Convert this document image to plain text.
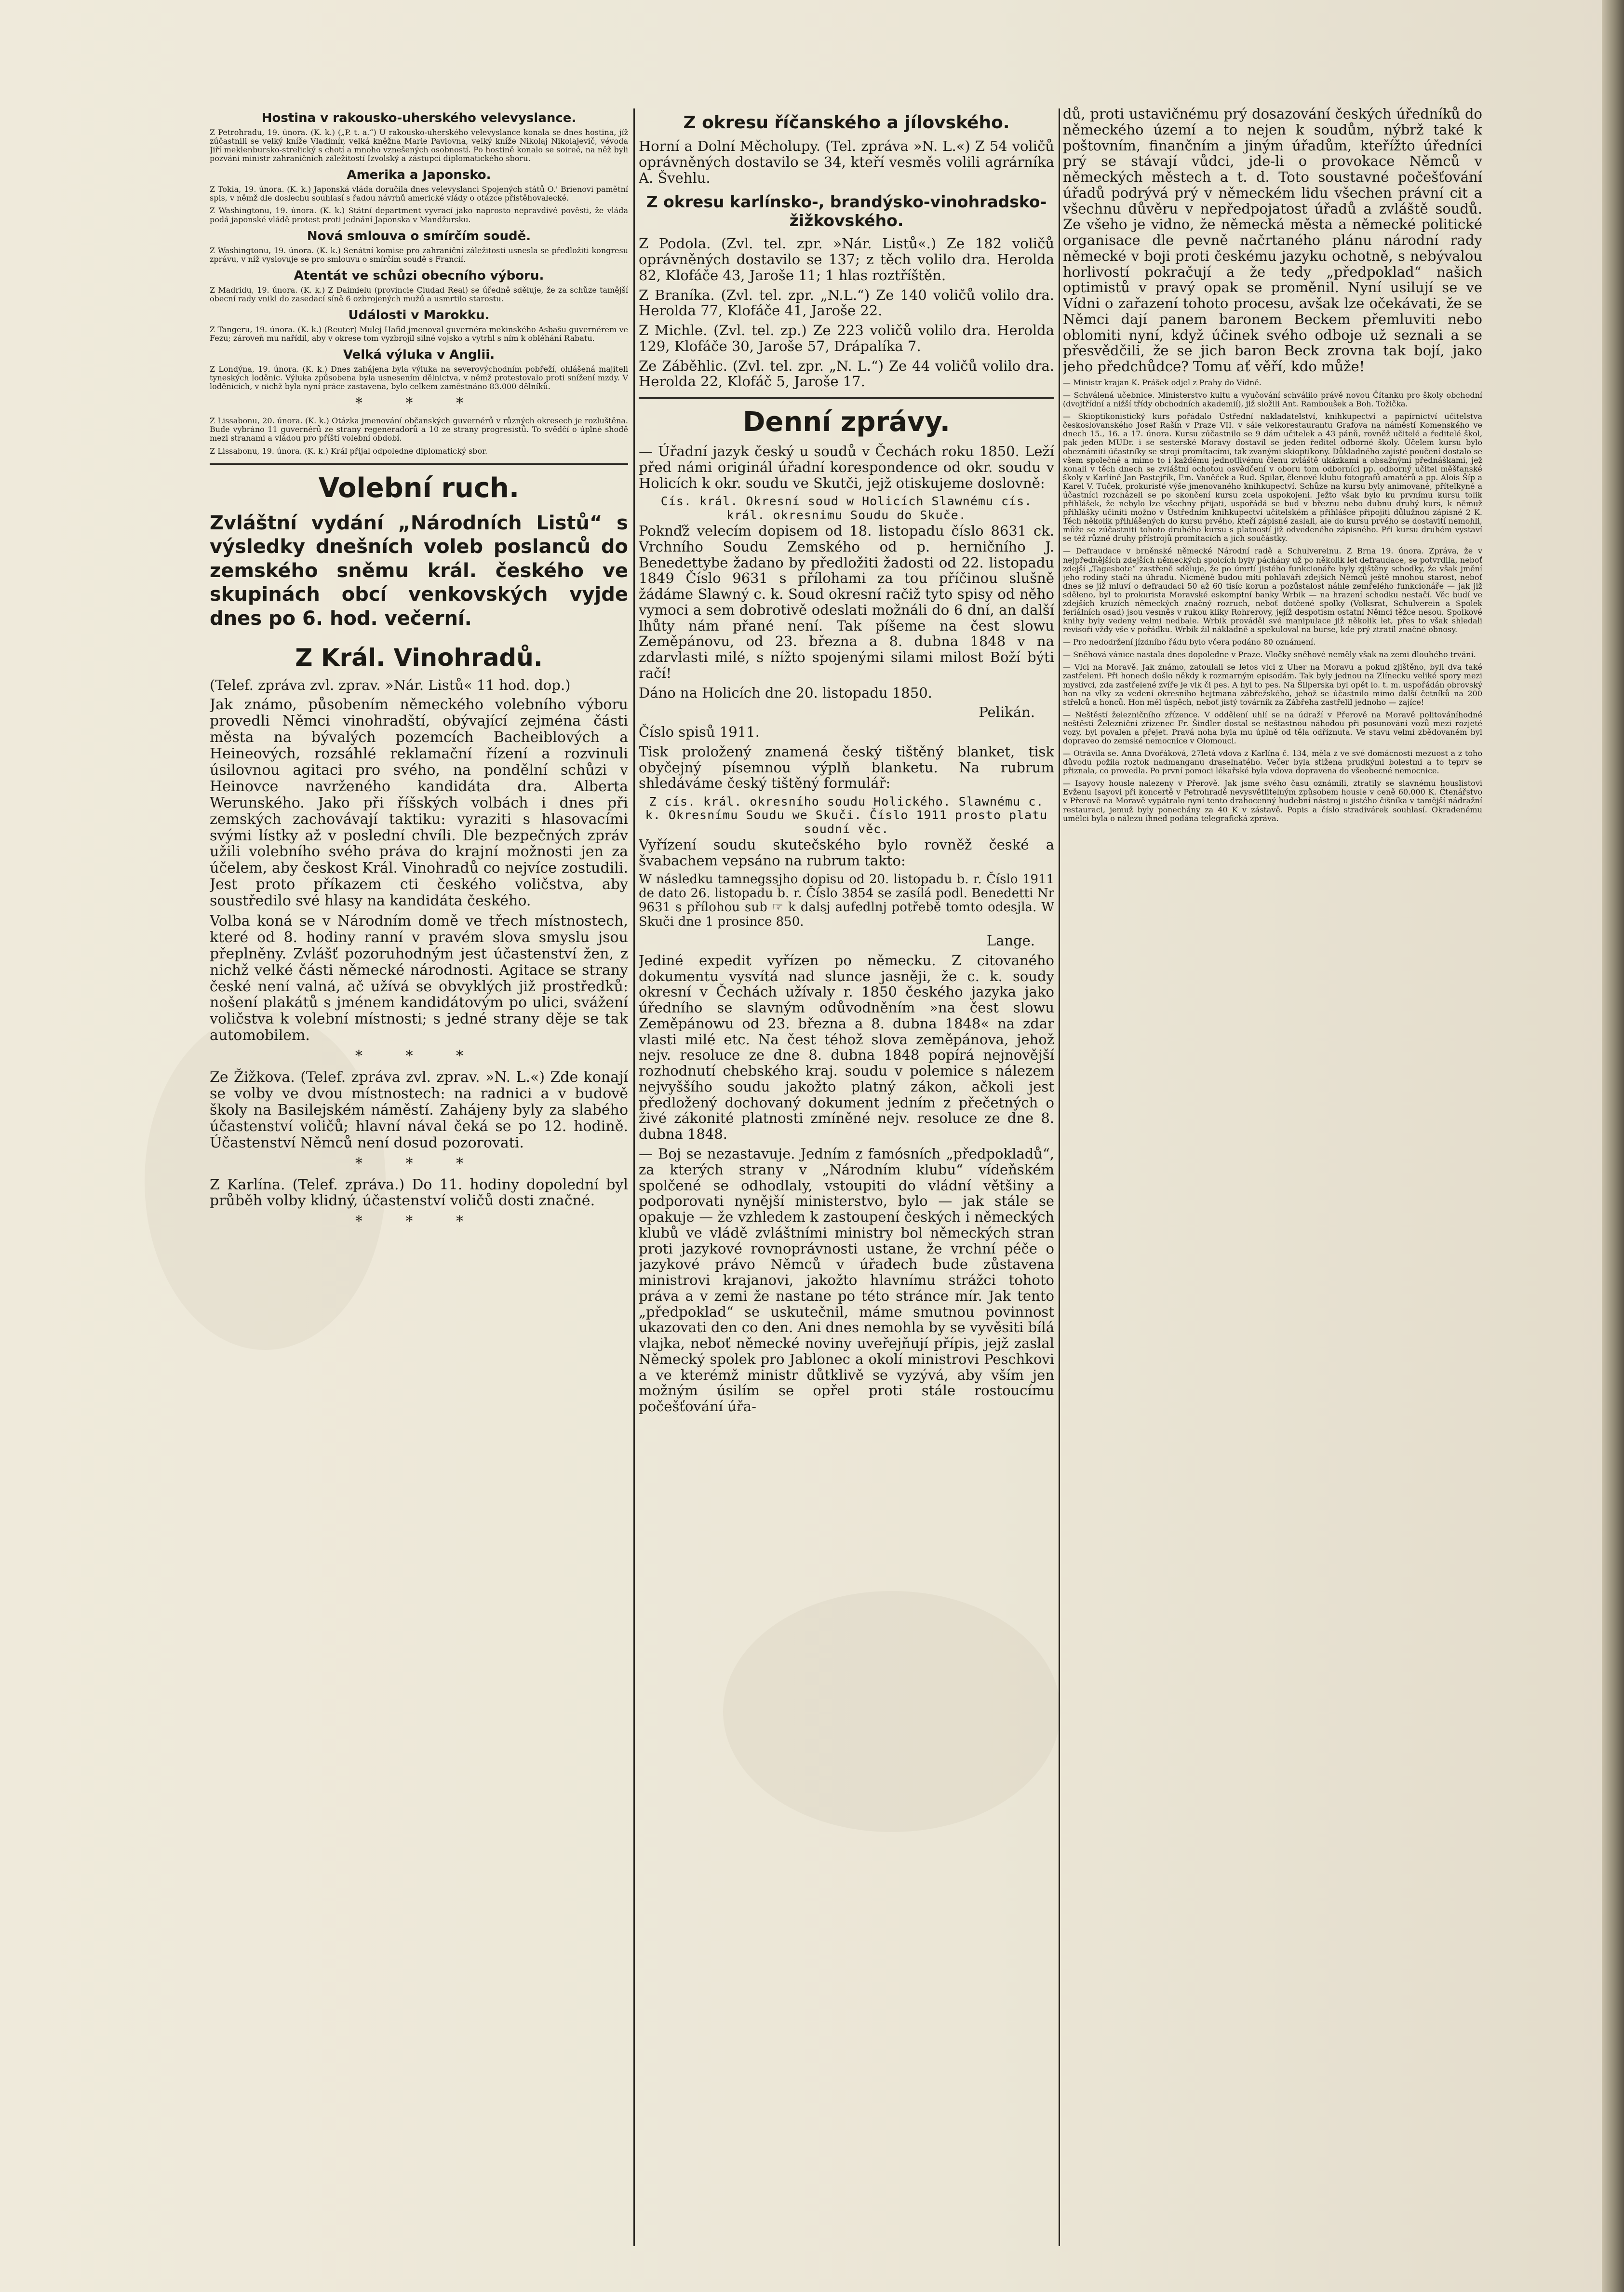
Hostina v rakousko-uherského velevyslance.

Z Petrohradu, 19. února. (K. k.) („P. t. a.“) U rakousko-uherského velevyslance konala se dnes hostina, jíž zúčastnili se velký kníže Vladimír, velká kněžna Marie Pavlovna, velký kníže Nikolaj Nikolajevič, vévoda Jiří meklenbursko-strelický s chotí a mnoho vznešených osobností. Po hostině konalo se soireé, na něž byli pozváni ministr zahraničních záležitostí Izvolský a zástupci diplomatického sboru.

Amerika a Japonsko.

Z Tokia, 19. února. (K. k.) Japonská vláda doručila dnes velevyslanci Spojených států O.' Brienovi pamětní spis, v němž dle doslechu souhlasí s řadou návrhů americké vlády o otázce přistěhovalecké.

Z Washingtonu, 19. února. (K. k.) Státní department vyvrací jako naprosto nepravdivé pověsti, že vláda podá japonské vládě protest proti jednání Japonska v Mandžursku.

Nová smlouva o smírčím soudě.

Z Washingtonu, 19. února. (K. k.) Senátní komise pro zahraniční záležitosti usnesla se předložiti kongresu zprávu, v níž vyslovuje se pro smlouvu o smírčím soudě s Francií.

Atentát ve schůzi obecního výboru.

Z Madridu, 19. února. (K. k.) Z Daimielu (provincie Ciudad Real) se úředně sděluje, že za schůze tamější obecní rady vnikl do zasedací síně 6 ozbrojených mužů a usmrtilo starostu.

Události v Marokku.

Z Tangeru, 19. února. (K. k.) (Reuter) Mulej Hafid jmenoval guvernéra mekinského Asbašu guvernérem ve Fezu; zároveň mu nařídil, aby v okrese tom vyzbrojil silné vojsko a vytrhl s ním k obléhání Rabatu.

Velká výluka v Anglii.

Z Londýna, 19. února. (K. k.) Dnes zahájena byla výluka na severovýchodním pobřeží, ohlášená majiteli tyneských loděnic. Výluka způsobena byla usnesením dělnictva, v němž protestovalo proti snížení mzdy. V loděnicích, v nichž byla nyní práce zastavena, bylo celkem zaměstnáno 83.000 dělníků.

* * *

Z Lissabonu, 20. února. (K. k.) Otázka jmenování občanských guvernérů v různých okresech je rozluštěna. Bude vybráno 11 guvernérů ze strany regeneradorů a 10 ze strany progresistů. To svědčí o úplné shodě mezi stranami a vládou pro příští volební období.

Z Lissabonu, 19. února. (K. k.) Král přijal odpoledne diplomatický sbor.

Volební ruch.
Zvláštní vydání „Národních Listů“ s výsledky dnešních voleb poslanců do zemského sněmu král. českého ve skupinách obcí venkovských vyjde dnes po 6. hod. večerní.
Z Král. Vinohradů.

(Telef. zpráva zvl. zprav. »Nár. Listů« 11 hod. dop.)

Jak známo, působením německého volebního výboru provedli Němci vinohradští, obývající zejména části města na bývalých pozemcích Bacheiblových a Heineových, rozsáhlé reklamační řízení a rozvinuli úsilovnou agitaci pro svého, na pondělní schůzi v Heinovce navrženého kandidáta dra. Alberta Werunského. Jako při říšských volbách i dnes při zemských zachovávají taktiku: vyraziti s hlasovacími svými lístky až v poslední chvíli. Dle bezpečných zpráv užili volebního svého práva do krajní možnosti jen za účelem, aby českost Král. Vinohradů co nejvíce zostudili. Jest proto příkazem cti českého voličstva, aby soustředilo své hlasy na kandidáta českého.

Volba koná se v Národním domě ve třech místnostech, které od 8. hodiny ranní v pravém slova smyslu jsou přeplněny. Zvlášť pozoruhodným jest účastenství žen, z nichž velké části německé národnosti. Agitace se strany české není valná, ač užívá se obvyklých již prostředků: nošení plakátů s jménem kandidátovým po ulici, svážení voličstva k volební místnosti; s jedné strany děje se tak automobilem.

* * *

Ze Žižkova. (Telef. zpráva zvl. zprav. »N. L.«) Zde konají se volby ve dvou místnostech: na radnici a v budově školy na Basilejském náměstí. Zahájeny byly za slabého účastenství voličů; hlavní nával čeká se po 12. hodině. Účastenství Němců není dosud pozorovati.

* * *

Z Karlína. (Telef. zpráva.) Do 11. hodiny dopolední byl průběh volby klidný, účastenství voličů dosti značné.

* * *
Z okresu říčanského a jílovského.

Horní a Dolní Měcholupy. (Tel. zpráva »N. L.«) Z 54 voličů oprávněných dostavilo se 34, kteří vesměs volili agrárníka A. Švehlu.

Z okresu karlínsko-, brandýsko-vinohradsko-žižkovského.

Z Podola. (Zvl. tel. zpr. »Nár. Listů«.) Ze 182 voličů oprávněných dostavilo se 137; z těch volilo dra. Herolda 82, Klofáče 43, Jaroše 11; 1 hlas roztříštěn.

Z Braníka. (Zvl. tel. zpr. „N.L.“) Ze 140 voličů volilo dra. Herolda 77, Klofáče 41, Jaroše 22.

Z Michle. (Zvl. tel. zp.) Ze 223 voličů volilo dra. Herolda 129, Klofáče 30, Jaroše 57, Drápalíka 7.

Ze Záběhlic. (Zvl. tel. zpr. „N. L.“) Ze 44 voličů volilo dra. Herolda 22, Klofáč 5, Jaroše 17.

Denní zprávy.

— Úřadní jazyk český u soudů v Čechách roku 1850. Leží před námi originál úřadní korespondence od okr. soudu v Holicích k okr. soudu ve Skutči, jejž otiskujeme doslovně:

Cís. král. Okresní soud w Holicích Slawnému cís. král. okresnimu Soudu do Skuče.

Poknďž velecím dopisem od 18. listopadu číslo 8631 ck. Vrchního Soudu Zemského od p. herničního J. Benedettybe žadano by předložiti žadosti od 22. listopadu 1849 Číslo 9631 s přílohami za tou příčinou slušně žádáme Slawný c. k. Soud okresní račiž tyto spisy od něho vymoci a sem dobrotivě odeslati možnáli do 6 dní, an další lhůty nám přané není. Tak píšeme na čest slowu Zeměpánovu, od 23. března a 8. dubna 1848 v na zdarvlasti milé, s nížto spojenými silami milost Boží býti račí!

Dáno na Holicích dne 20. listopadu 1850.

Pelikán.

Číslo spisů 1911.

Tisk proložený znamená český tištěný blanket, tisk obyčejný písemnou výplň blanketu. Na rubrum shledáváme český tištěný formulář:

Z cís. král. okresního soudu Holického. Slawnému c. k. Okresnímu Soudu we Skuči. Číslo 1911 prosto platu soudní věc.

Vyřízení soudu skutečského bylo rovněž české a švabachem vepsáno na rubrum takto:

W následku tamnegssjho dopisu od 20. listopadu b. r. Číslo 1911 de dato 26. listopadu b. r. Číslo 3854 se zasílá podl. Benedetti Nr 9631 s přílohou sub ☞ k dalsj aufedlnj potřebě tomto odesjla. W Skuči dne 1 prosince 850.

Lange.

Jediné expedit vyřízen po německu. Z citovaného dokumentu vysvítá nad slunce jasněji, že c. k. soudy okresní v Čechách užívaly r. 1850 českého jazyka jako úředního se slavným odůvodněním »na čest slowu Zeměpánowu od 23. března a 8. dubna 1848« na zdar vlasti milé etc. Na čest téhož slova zeměpánova, jehož nejv. resoluce ze dne 8. dubna 1848 popírá nejnovější rozhodnutí chebského kraj. soudu v polemice s nálezem nejvyššího soudu jakožto platný zákon, ačkoli jest předložený dochovaný dokument jedním z přečetných o živé zákonité platnosti zmíněné nejv. resoluce ze dne 8. dubna 1848.

— Boj se nezastavuje. Jedním z famósních „předpokladů“, za kterých strany v „Národním klubu“ vídeňském spolčené se odhodlaly, vstoupiti do vládní většiny a podporovati nynější ministerstvo, bylo — jak stále se opakuje — že vzhledem k zastoupení českých i německých klubů ve vládě zvláštními ministry bol německých stran proti jazykové rovnoprávnosti ustane, že vrchní péče o jazykové právo Němců v úřadech bude zůstavena ministrovi krajanovi, jakožto hlavnímu strážci tohoto práva a v zemi že nastane po této stránce mír. Jak tento „předpoklad“ se uskutečnil, máme smutnou povinnost ukazovati den co den. Ani dnes nemohla by se vyvěsiti bílá vlajka, neboť německé noviny uveřejňují přípis, jejž zaslal Německý spolek pro Jablonec a okolí ministrovi Peschkovi a ve kterémž ministr důtklivě se vyzývá, aby vším jen možným úsilím se opřel proti stále rostoucímu počešťování úřa-

dů, proti ustavičnému prý dosazování českých úředníků do německého území a to nejen k soudům, nýbrž také k poštovním, finančním a jiným úřadům, kteřížto úředníci prý se stávají vůdci, jde-li o provokace Němců v německých městech a t. d. Toto soustavné počešťování úřadů podrývá prý v německém lidu všechen právní cit a všechnu důvěru v nepředpojatost úřadů a zvláště soudů. Ze všeho je vidno, že německá města a německé politické organisace dle pevně načrtaného plánu národní rady německé v boji proti českému jazyku ochotně, s nebývalou horlivostí pokračují a že tedy „předpoklad“ našich optimistů v pravý opak se proměnil. Nyní usilují se ve Vídni o zařazení tohoto procesu, avšak lze očekávati, že se Němci dají panem baronem Beckem přemluviti nebo oblomiti nyní, když účinek svého odboje už seznali a se přesvědčili, že se jich baron Beck zrovna tak bojí, jako jeho předchůdce? Tomu ať věří, kdo může!

— Ministr krajan K. Prášek odjel z Prahy do Vídně.

— Schválená učebnice. Ministerstvo kultu a vyučování schválilo právě novou Čítanku pro školy obchodní (dvojtřídní a nižší třídy obchodních akademií), již složili Ant. Ramboušek a Boh. Tožička.

— Skioptikonistický kurs pořádalo Ústřední nakladatelství, knihkupectví a papírnictví učitelstva českoslovanského Josef Rašín v Praze VII. v sále velkorestaurantu Grafova na náměstí Komenského ve dnech 15., 16. a 17. února. Kursu zúčastnilo se 9 dám učitelek a 43 pánů, rovněž učitelé a ředitelé škol, pak jeden MUDr. i se sesterské Moravy dostavil se jeden ředitel odborné školy. Účelem kursu bylo obeznámiti účastníky se stroji promítacími, tak zvanými skioptikony. Důkladného zajisté poučení dostalo se všem společně a mimo to i každému jednotlivému členu zvláště ukázkami a obsažnými přednáškami, jež konali v těch dnech se zvláštní ochotou osvědčení v oboru tom odborníci pp. odborný učitel měšťanské školy v Karlíně Jan Pastejřík, Em. Vaněček a Rud. Spilar, členové klubu fotografů amatérů a pp. Alois Šíp a Karel V. Tuček, prokuristé výše jmenovaného knihkupectví. Schůze na kursu byly animované, přítelkyně a účastníci rozcházeli se po skončení kursu zcela uspokojeni. Ježto však bylo ku prvnímu kursu tolik přihlášek, že nebylo lze všechny přijati, uspořádá se bud v březnu nebo dubnu druhý kurs, k němuž přihlášky učiniti možno v Ústředním knihkupectví učitelském a přihlášce připojiti důlužnou zápisné 2 K. Těch několik přihlášených do kursu prvého, kteří zápisné zaslali, ale do kursu prvého se dostavití nemohli, může se zúčastniti tohoto druhého kursu s platností již odvedeného zápisného. Při kursu druhém vystaví se též různé druhy přístrojů promítacích a jich součástky.

— Defraudace v brněnské německé Národní radě a Schulvereinu. Z Brna 19. února. Zpráva, že v nejpřednějších zdejších německých spolcích byly páchány už po několik let defraudace, se potvrdila, neboť zdejší „Tagesbote“ zastřeně sděluje, že po úmrtí jistého funkcionáře byly zjištěny schodky, že však jmění jeho rodiny stačí na úhradu. Nicméně budou míti pohlaváři zdejších Němců ještě mnohou starost, neboť dnes se již mluví o defraudaci 50 až 60 tisíc korun a pozůstalost náhle zemřelého funkcionáře — jak již sděleno, byl to prokurista Moravské eskomptní banky Wrbik — na hrazení schodku nestačí. Věc budí ve zdejších kruzích německých značný rozruch, neboť dotčené spolky (Volksrat, Schulverein a Spolek feriálních osad) jsou vesměs v rukou kliky Rohrerovy, jejíž despotism ostatní Němci těžce nesou. Spolkové knihy byly vedeny velmi nedbale. Wrbik prováděl své manipulace již několik let, přes to však shledali revisoři vždy vše v pořádku. Wrbik žil nákladně a spekuloval na burse, kde prý ztratil značné obnosy.

— Pro nedodržení jízdního řádu bylo včera podáno 80 oznámení.

— Sněhová vánice nastala dnes dopoledne v Praze. Vločky sněhové neměly však na zemi dlouhého trvání.

— Vlci na Moravě. Jak známo, zatoulali se letos vlci z Uher na Moravu a pokud zjištěno, byli dva také zastřeleni. Při honech došlo někdy k rozmarným episodám. Tak byly jednou na Zlínecku veliké spory mezi myslivci, zda zastřelené zvíře je vlk či pes. A hyl to pes. Na Šilperska byl opět lo. t. m. uspořádán obrovský hon na vlky za vedení okresního hejtmana zábřežského, jehož se účastnilo mimo další četníků na 200 střelců a honců. Hon měl úspěch, neboť jistý továrník za Zábřeha zastřelil jednoho — zajíce!

— Neštěstí železničního zřízence. V oddělení uhlí se na údraží v Přerově na Moravě politováníhodné neštěstí Železniční zřízenec Fr. Šindler dostal se nešťastnou náhodou při posunování vozů mezi rozjeté vozy, byl povalen a přejet. Pravá noha byla mu úplně od těla odříznuta. Ve stavu velmi zbědovaném byl dopraveo do zemské nemocnice v Olomouci.

— Otrávila se. Anna Dvořáková, 27letá vdova z Karlína č. 134, měla z ve své domácnosti mezuost a z toho důvodu požila roztok nadmanganu draselnatého. Večer byla stižena prudkými bolestmi a to teprv se přiznala, co provedla. Po první pomoci lékařské byla vdova dopravena do všeobecné nemocnice.

— Isayovy housle nalezeny v Přerově. Jak jsme svého času oznámili, ztratily se slavnému houslistovi Evženu Isayovi při koncertě v Petrohradě nevysvětlitelným způsobem housle v ceně 60.000 K. Čtenářstvo v Přerově na Moravě vypátralo nyní tento drahocenný hudební nástroj u jistého čišníka v tamější nádražní restauraci, jemuž byly ponechány za 40 K v zástavě. Popis a číslo stradivárek souhlasí. Okradenému umělci byla o nálezu ihned podána telegrafická zpráva.
